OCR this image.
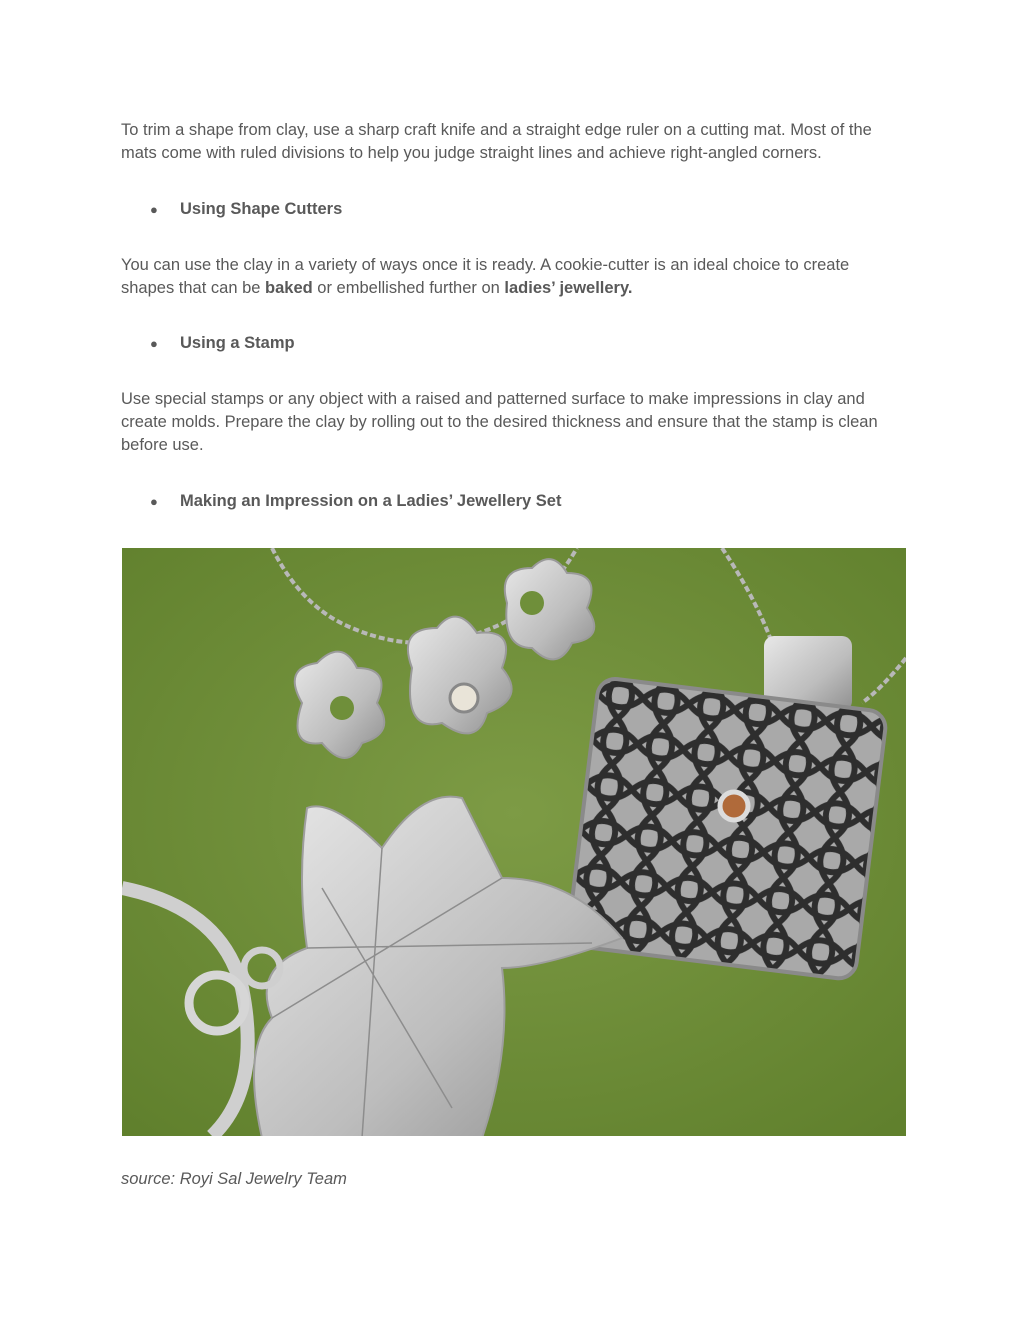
To trim a shape from clay, use a sharp craft knife and a straight edge ruler on a cutting mat. Most of the mats come with ruled divisions to help you judge straight lines and achieve right-angled corners.

● Using Shape Cutters

You can use the clay in a variety of ways once it is ready. A cookie-cutter is an ideal choice to create shapes that can be baked or embellished further on ladies’ jewellery.

● Using a Stamp

Use special stamps or any object with a raised and patterned surface to make impressions in clay and create molds. Prepare the clay by rolling out to the desired thickness and ensure that the stamp is clean before use.

● Making an Impression on a Ladies’ Jewellery Set
source: Royi Sal Jewelry Team
